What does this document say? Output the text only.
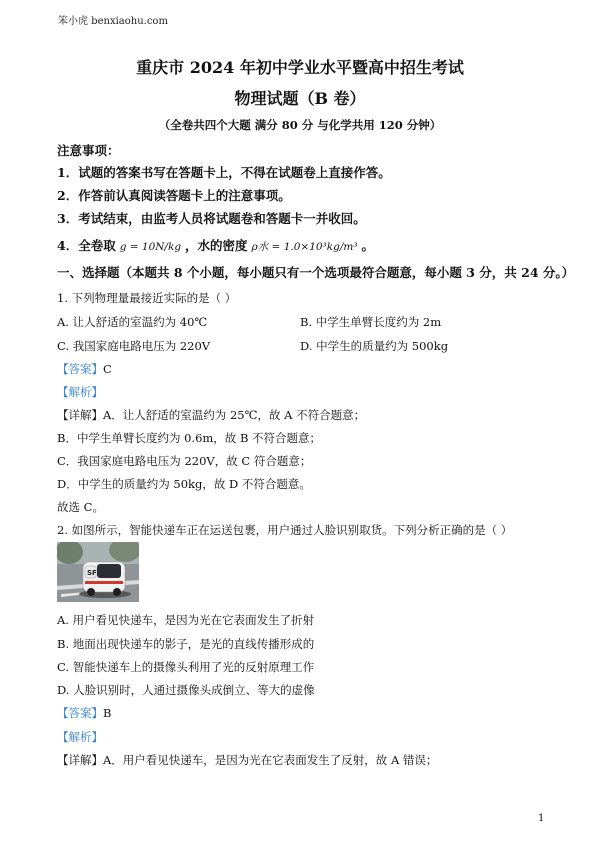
笨小虎 benxiaohu.com
重庆市 2024 年初中学业水平暨高中招生考试
物理试题（B 卷）
（全卷共四个大题 满分 80 分 与化学共用 120 分钟）
注意事项：
1．试题的答案书写在答题卡上，不得在试题卷上直接作答。
2．作答前认真阅读答题卡上的注意事项。
3．考试结束，由监考人员将试题卷和答题卡一并收回。
4．全卷取 g = 10N/kg ，水的密度 ρ水 = 1.0×10³kg/m³ 。
一、选择题（本题共 8 个小题，每小题只有一个选项最符合题意，每小题 3 分，共 24 分。）
1. 下列物理量最接近实际的是（ ）
A. 让人舒适的室温约为 40℃	B. 中学生单臂长度约为 2m
C. 我国家庭电路电压为 220V	D. 中学生的质量约为 500kg
【答案】C
【解析】
【详解】A．让人舒适的室温约为 25℃，故 A 不符合题意；
B．中学生单臂长度约为 0.6m，故 B 不符合题意；
C．我国家庭电路电压为 220V，故 C 符合题意；
D．中学生的质量约为 50kg，故 D 不符合题意。
故选 C。
2. 如图所示，智能快递车正在运送包裹，用户通过人脸识别取货。下列分析正确的是（ ）
SF
A. 用户看见快递车，是因为光在它表面发生了折射
B. 地面出现快递车的影子，是光的直线传播形成的
C. 智能快递车上的摄像头利用了光的反射原理工作
D. 人脸识别时，人通过摄像头成倒立、等大的虚像
【答案】B
【解析】
【详解】A．用户看见快递车，是因为光在它表面发生了反射，故 A 错误；
1
